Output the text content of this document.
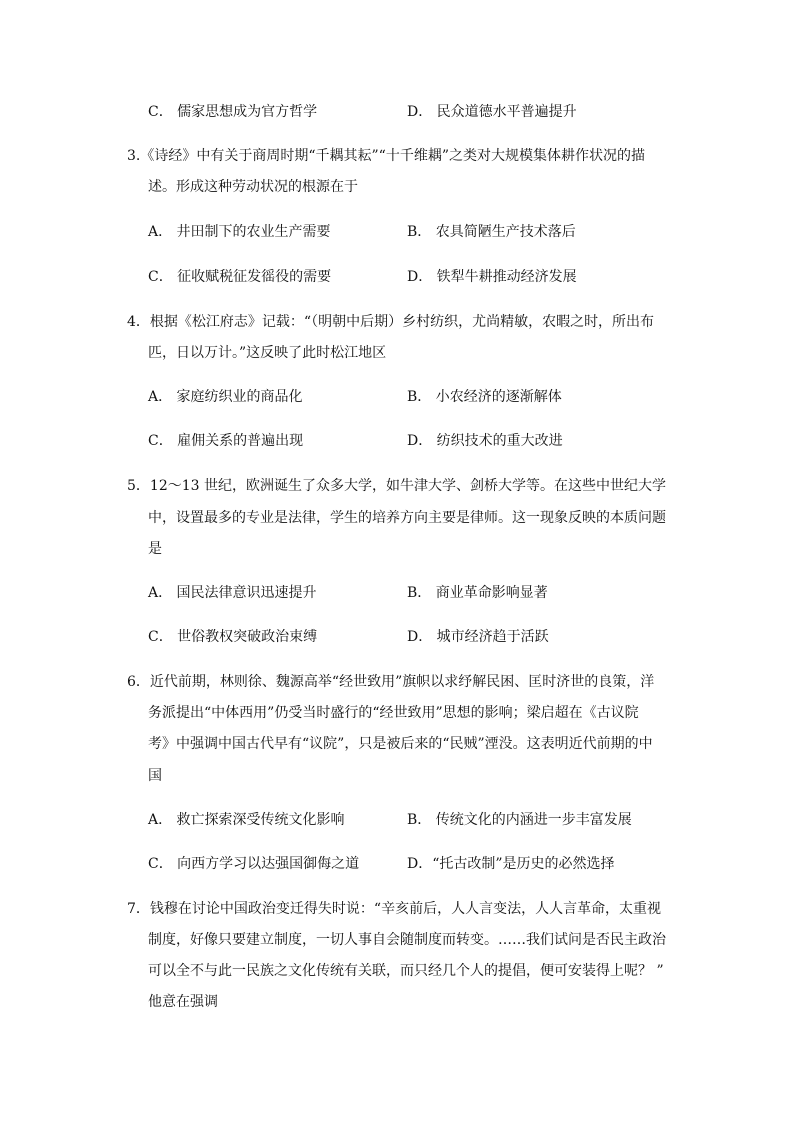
C． 儒家思想成为官方哲学	D． 民众道德水平普遍提升
3.《诗经》中有关于商周时期“千耦其耘”“十千维耦”之类对大规模集体耕作状况的描
述。形成这种劳动状况的根源在于
A． 井田制下的农业生产需要	B． 农具简陋生产技术落后
C． 征收赋税征发徭役的需要	D． 铁犁牛耕推动经济发展
4．根据《松江府志》记载：“（明朝中后期）乡村纺织，尤尚精敏，农暇之时，所出布
匹，日以万计。”这反映了此时松江地区
A． 家庭纺织业的商品化	B． 小农经济的逐渐解体
C． 雇佣关系的普遍出现	D． 纺织技术的重大改进
5．12～13 世纪，欧洲诞生了众多大学，如牛津大学、剑桥大学等。在这些中世纪大学
中，设置最多的专业是法律，学生的培养方向主要是律师。这一现象反映的本质问题
是
A． 国民法律意识迅速提升	B． 商业革命影响显著
C． 世俗教权突破政治束缚	D． 城市经济趋于活跃
6．近代前期，林则徐、魏源高举“经世致用”旗帜以求纾解民困、匡时济世的良策，洋
务派提出“中体西用”仍受当时盛行的“经世致用”思想的影响；梁启超在《古议院
考》中强调中国古代早有“议院”，只是被后来的“民贼”湮没。这表明近代前期的中
国
A． 救亡探索深受传统文化影响	B． 传统文化的内涵进一步丰富发展
C． 向西方学习以达强国御侮之道	D．“托古改制”是历史的必然选择
7．钱穆在讨论中国政治变迁得失时说：“辛亥前后，人人言变法，人人言革命，太重视
制度，好像只要建立制度，一切人事自会随制度而转变。……我们试问是否民主政治
可以全不与此一民族之文化传统有关联，而只经几个人的提倡，便可安装得上呢？ ”
他意在强调
